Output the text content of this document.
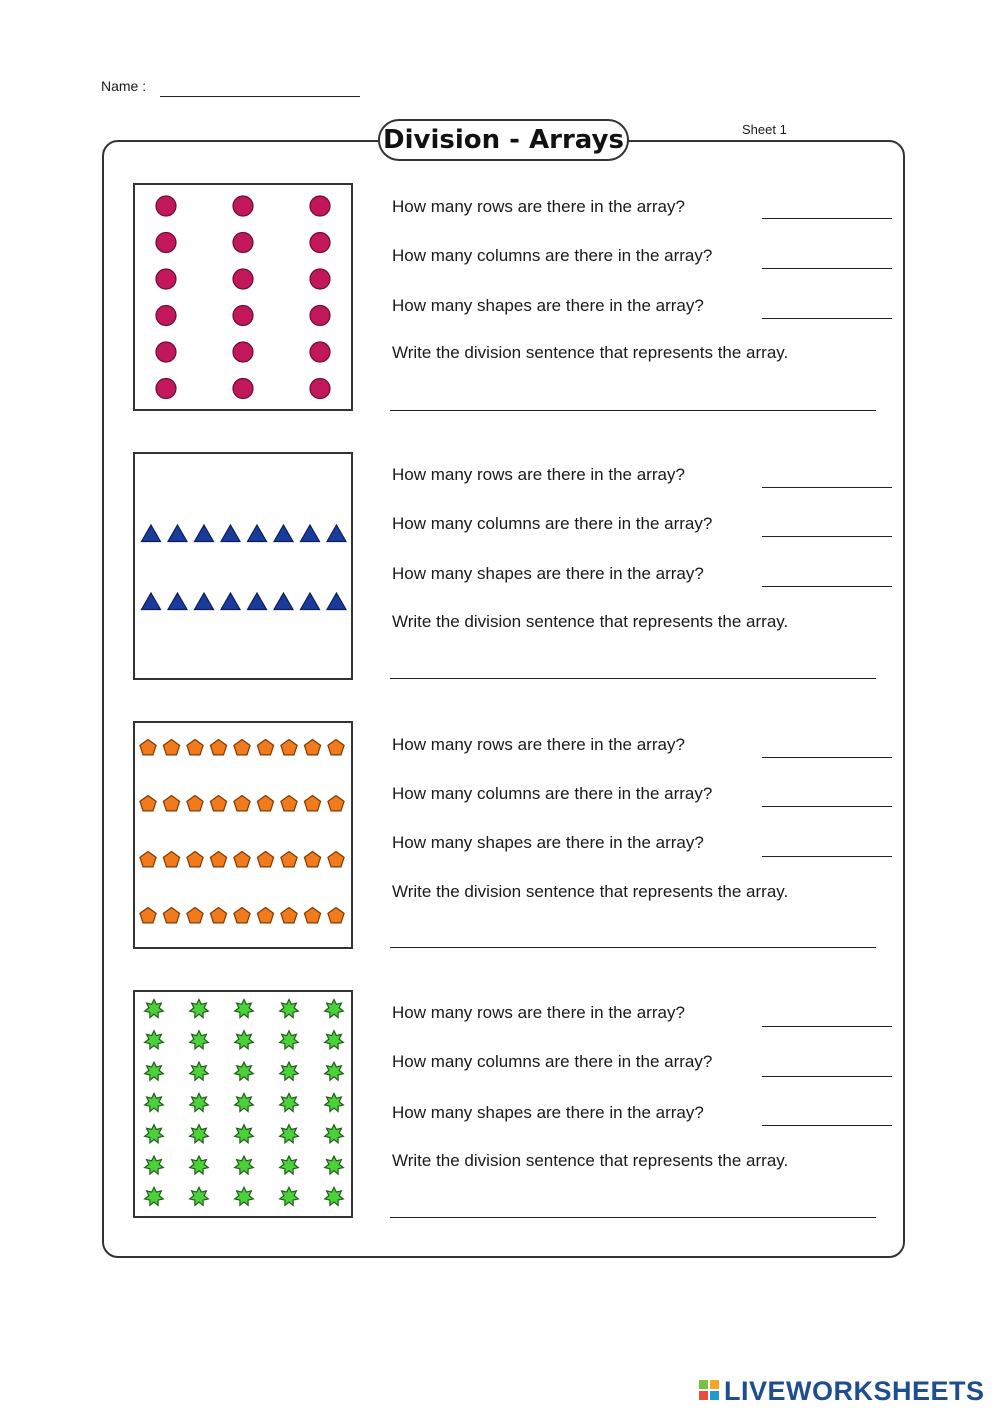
Name :
Division - Arrays	Sheet 1
How many rows are there in the array?
How many columns are there in the array?
How many shapes are there in the array?
Write the division sentence that represents the array.
How many rows are there in the array?
How many columns are there in the array?
How many shapes are there in the array?
Write the division sentence that represents the array.
How many rows are there in the array?
How many columns are there in the array?
How many shapes are there in the array?
Write the division sentence that represents the array.
How many rows are there in the array?
How many columns are there in the array?
How many shapes are there in the array?
Write the division sentence that represents the array.
LIVEWORKSHEETS
